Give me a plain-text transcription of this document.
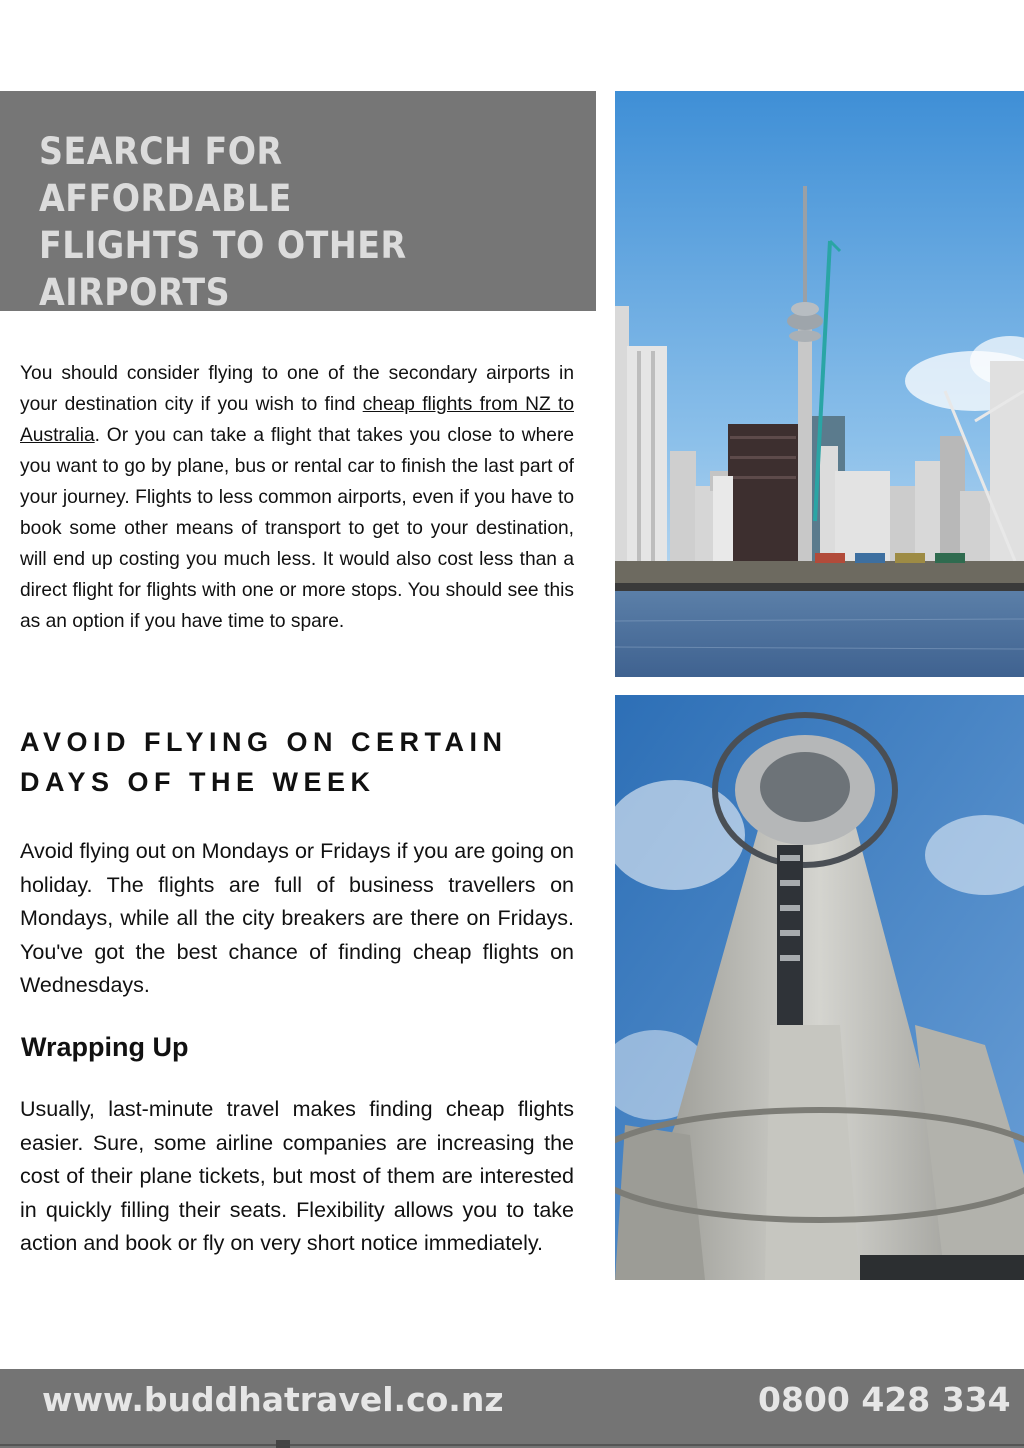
SEARCH FOR AFFORDABLE
FLIGHTS TO OTHER
AIRPORTS

You should consider flying to one of the secondary airports in your destination city if you wish to find cheap flights from NZ to Australia. Or you can take a flight that takes you close to where you want to go by plane, bus or rental car to finish the last part of your journey. Flights to less common airports, even if you have to book some other means of transport to get to your destination, will end up costing you much less. It would also cost less than a direct flight for flights with one or more stops. You should see this as an option if you have time to spare.

AVOID FLYING ON CERTAIN
DAYS OF THE WEEK

Avoid flying out on Mondays or Fridays if you are going on holiday. The flights are full of business travellers on Mondays, while all the city breakers are there on Fridays. You've got the best chance of finding cheap flights on Wednesdays.

Wrapping Up

Usually, last-minute travel makes finding cheap flights easier. Sure, some airline companies are increasing the cost of their plane tickets, but most of them are interested in quickly filling their seats. Flexibility allows you to take action and book or fly on very short notice immediately.

www.buddhatravel.co.nz	0800 428 334
